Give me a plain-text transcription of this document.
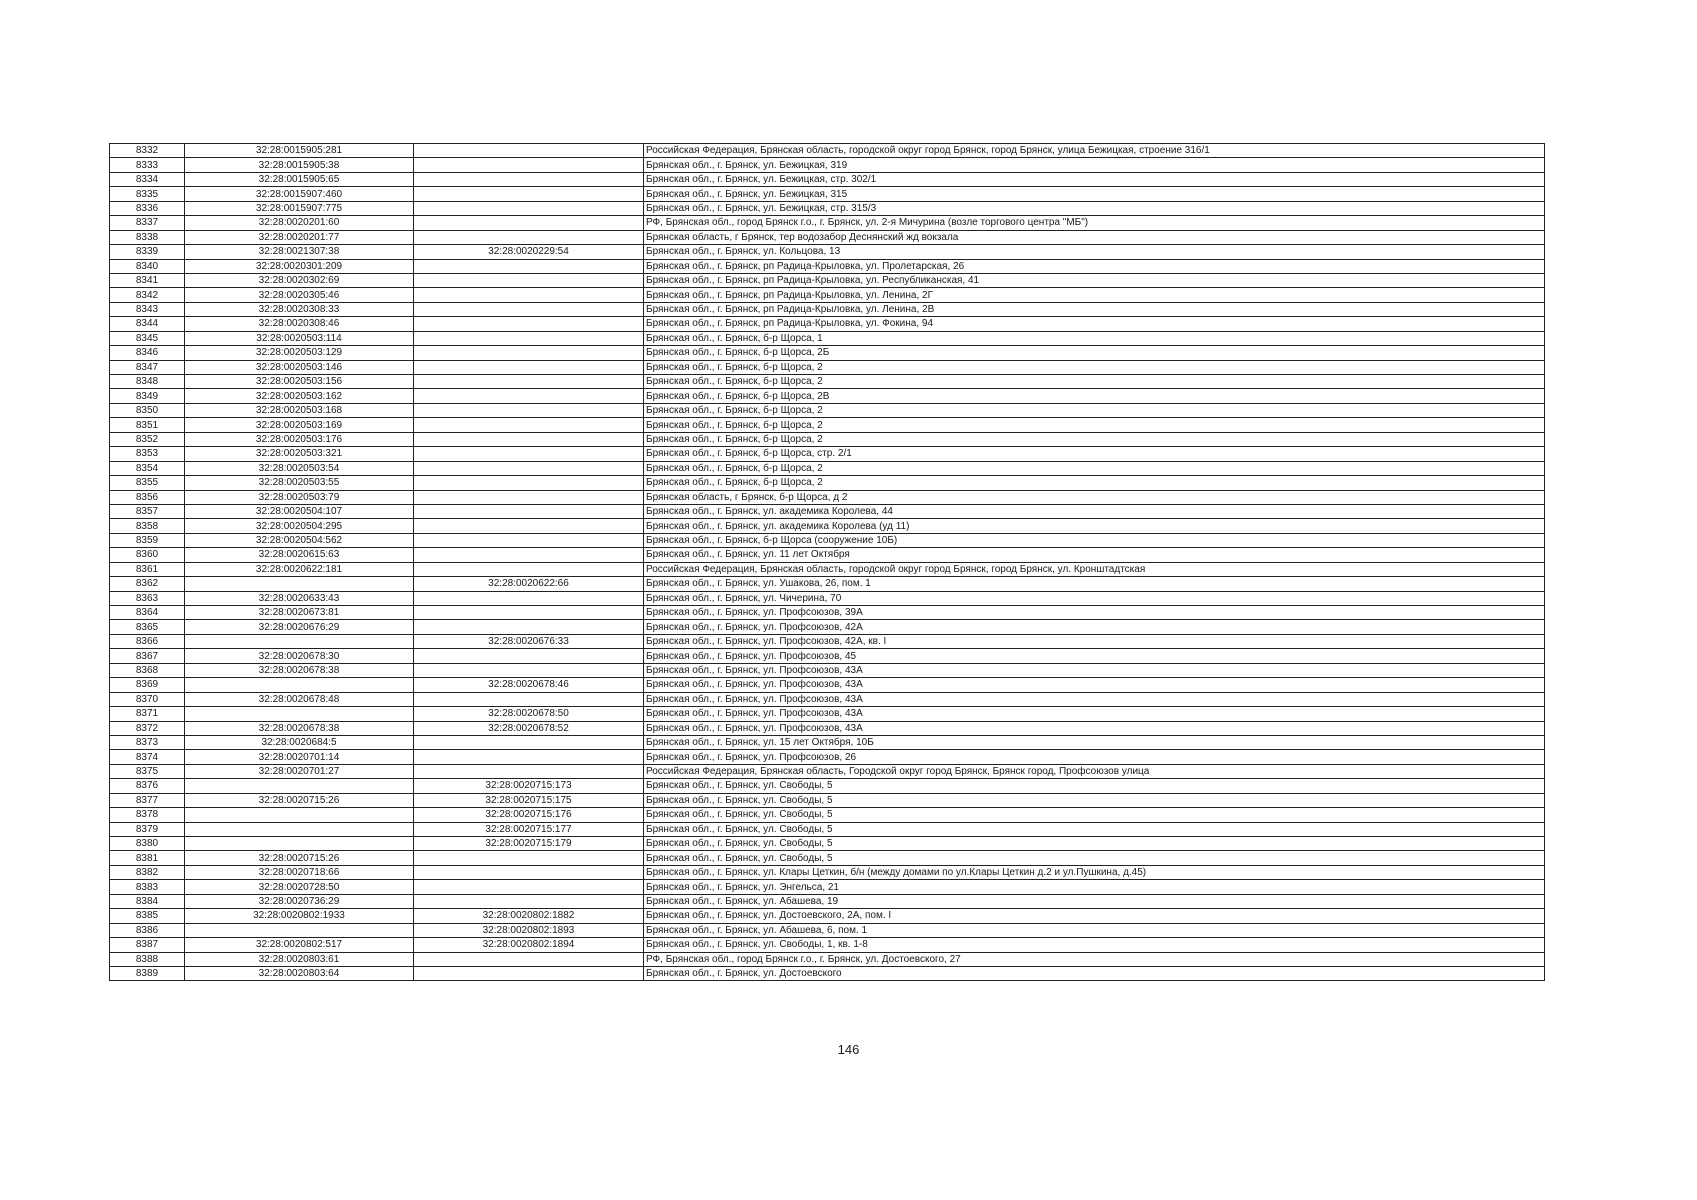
8332	32:28:0015905:281		Российская Федерация, Брянская область, городской округ город Брянск, город Брянск, улица Бежицкая, строение 316/1
8333	32:28:0015905:38		Брянская обл., г. Брянск, ул. Бежицкая, 319
8334	32:28:0015905:65		Брянская обл., г. Брянск, ул. Бежицкая, стр. 302/1
8335	32:28:0015907:460		Брянская обл., г. Брянск, ул. Бежицкая, 315
8336	32:28:0015907:775		Брянская обл., г. Брянск, ул. Бежицкая, стр. 315/3
8337	32:28:0020201:60		РФ, Брянская обл., город Брянск г.о., г. Брянск, ул. 2-я Мичурина (возле торгового центра "МБ")
8338	32:28:0020201:77		Брянская область, г Брянск, тер водозабор Деснянский жд вокзала
8339	32:28:0021307:38	32:28:0020229:54	Брянская обл., г. Брянск, ул. Кольцова, 13
8340	32:28:0020301:209		Брянская обл., г. Брянск, рп Радица-Крыловка, ул. Пролетарская, 26
8341	32:28:0020302:69		Брянская обл., г. Брянск, рп Радица-Крыловка, ул. Республиканская, 41
8342	32:28:0020305:46		Брянская обл., г. Брянск, рп Радица-Крыловка, ул. Ленина, 2Г
8343	32:28:0020308:33		Брянская обл., г. Брянск, рп Радица-Крыловка, ул. Ленина, 2В
8344	32:28:0020308:46		Брянская обл., г. Брянск, рп Радица-Крыловка, ул. Фокина, 94
8345	32:28:0020503:114		Брянская обл., г. Брянск, б-р Щорса, 1
8346	32:28:0020503:129		Брянская обл., г. Брянск, б-р Щорса, 2Б
8347	32:28:0020503:146		Брянская обл., г. Брянск, б-р Щорса, 2
8348	32:28:0020503:156		Брянская обл., г. Брянск, б-р Щорса, 2
8349	32:28:0020503:162		Брянская обл., г. Брянск, б-р Щорса, 2В
8350	32:28:0020503:168		Брянская обл., г. Брянск, б-р Щорса, 2
8351	32:28:0020503:169		Брянская обл., г. Брянск, б-р Щорса, 2
8352	32:28:0020503:176		Брянская обл., г. Брянск, б-р Щорса, 2
8353	32:28:0020503:321		Брянская обл., г. Брянск, б-р Щорса, стр. 2/1
8354	32:28:0020503:54		Брянская обл., г. Брянск, б-р Щорса, 2
8355	32:28:0020503:55		Брянская обл., г. Брянск, б-р Щорса, 2
8356	32:28:0020503:79		Брянская область, г Брянск, б-р Щорса, д 2
8357	32:28:0020504:107		Брянская обл., г. Брянск, ул. академика Королева, 44
8358	32:28:0020504:295		Брянская обл., г. Брянск, ул. академика Королева (уд 11)
8359	32:28:0020504:562		Брянская обл., г. Брянск, б-р Щорса (сооружение 10Б)
8360	32:28:0020615:63		Брянская обл., г. Брянск, ул. 11 лет Октября
8361	32:28:0020622:181		Российская Федерация, Брянская область, городской округ город Брянск, город Брянск, ул. Кронштадтская
8362		32:28:0020622:66	Брянская обл., г. Брянск, ул. Ушакова, 26, пом. 1
8363	32:28:0020633:43		Брянская обл., г. Брянск, ул. Чичерина, 70
8364	32:28:0020673:81		Брянская обл., г. Брянск, ул. Профсоюзов, 39А
8365	32:28:0020676:29		Брянская обл., г. Брянск, ул. Профсоюзов, 42А
8366		32:28:0020676:33	Брянская обл., г. Брянск, ул. Профсоюзов, 42А, кв. I
8367	32:28:0020678:30		Брянская обл., г. Брянск, ул. Профсоюзов, 45
8368	32:28:0020678:38		Брянская обл., г. Брянск, ул. Профсоюзов, 43А
8369		32:28:0020678:46	Брянская обл., г. Брянск, ул. Профсоюзов, 43А
8370	32:28:0020678:48		Брянская обл., г. Брянск, ул. Профсоюзов, 43А
8371		32:28:0020678:50	Брянская обл., г. Брянск, ул. Профсоюзов, 43А
8372	32:28:0020678:38	32:28:0020678:52	Брянская обл., г. Брянск, ул. Профсоюзов, 43А
8373	32:28:0020684:5		Брянская обл., г. Брянск, ул. 15 лет Октября, 10Б
8374	32:28:0020701:14		Брянская обл., г. Брянск, ул. Профсоюзов, 26
8375	32:28:0020701:27		Российская Федерация, Брянская область, Городской округ город Брянск, Брянск город, Профсоюзов улица
8376		32:28:0020715:173	Брянская обл., г. Брянск, ул. Свободы, 5
8377	32:28:0020715:26	32:28:0020715:175	Брянская обл., г. Брянск, ул. Свободы, 5
8378		32:28:0020715:176	Брянская обл., г. Брянск, ул. Свободы, 5
8379		32:28:0020715:177	Брянская обл., г. Брянск, ул. Свободы, 5
8380		32:28:0020715:179	Брянская обл., г. Брянск, ул. Свободы, 5
8381	32:28:0020715:26		Брянская обл., г. Брянск, ул. Свободы, 5
8382	32:28:0020718:66		Брянская обл., г. Брянск, ул. Клары Цеткин, б/н (между домами по ул.Клары Цеткин д.2 и ул.Пушкина, д.45)
8383	32:28:0020728:50		Брянская обл., г. Брянск, ул. Энгельса, 21
8384	32:28:0020736:29		Брянская обл., г. Брянск, ул. Абашева, 19
8385	32:28:0020802:1933	32:28:0020802:1882	Брянская обл., г. Брянск, ул. Достоевского, 2А, пом. I
8386		32:28:0020802:1893	Брянская обл., г. Брянск, ул. Абашева, 6, пом. 1
8387	32:28:0020802:517	32:28:0020802:1894	Брянская обл., г. Брянск, ул. Свободы, 1, кв. 1-8
8388	32:28:0020803:61		РФ, Брянская обл., город Брянск г.о., г. Брянск, ул. Достоевского, 27
8389	32:28:0020803:64		Брянская обл., г. Брянск, ул. Достоевского
146
